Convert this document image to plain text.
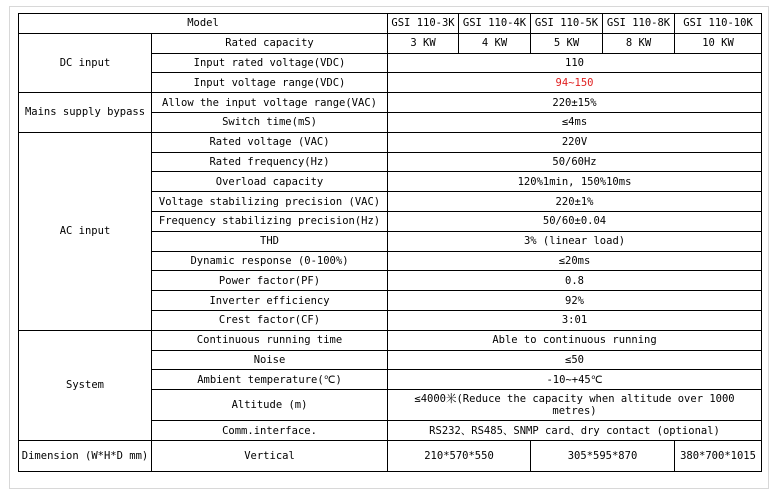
Model		GSI 110-3K	GSI 110-4K	GSI 110-5K	GSI 110-8K	GSI 110-10K
DC input	Rated capacity	3 KW	4 KW	5 KW	8 KW	10 KW
	Input rated voltage(VDC)	110				
	Input voltage range(VDC)	94~150				
Mains supply bypass	Allow the input voltage range(VAC)	220±15%				
	Switch time(mS)	≤4ms				
AC input	Rated voltage (VAC)	220V				
	Rated frequency(Hz)	50/60Hz				
	Overload capacity	120%1min, 150%10ms				
	Voltage stabilizing precision (VAC)	220±1%				
	Frequency stabilizing precision(Hz)	50/60±0.04				
	THD	3% (linear load)				
	Dynamic response (0-100%)	≤20ms				
	Power factor(PF)	0.8				
	Inverter efficiency	92%				
	Crest factor(CF)	3:01				
System	Continuous running time	Able to continuous running				
	Noise	≤50				
	Ambient temperature(℃)	-10~+45℃				
	Altitude (m)	≤4000米(Reduce the capacity when altitude over 1000 metres)				
	Comm.interface.	RS232、RS485、SNMP card、dry contact (optional)				
Dimension (W*H*D mm)	Vertical	210*570*550		305*595*870		380*700*1015
